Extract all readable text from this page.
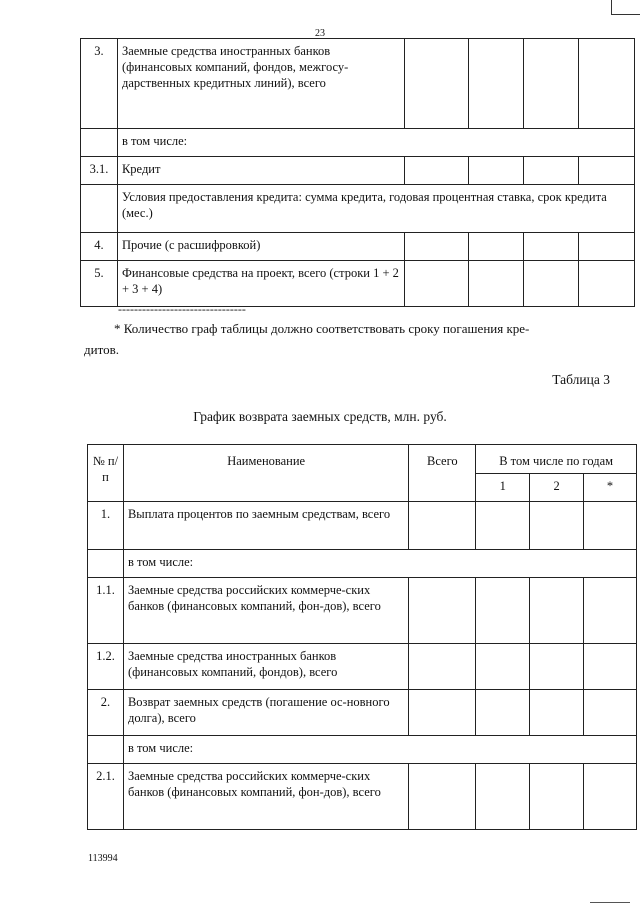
23
3.	Заемные средства иностранных банков (финансовых компаний, фондов, межгосу-дарственных кредитных линий), всего				
	в том числе:				
3.1.	Кредит				
	Условия предоставления кредита: сумма кредита, годовая процентная ставка, срок кредита (мес.)				
4.	Прочие (с расшифровкой)				
5.	Финансовые средства на проект, всего (строки 1 + 2 + 3 + 4)				
--------------------------------
* Количество граф таблицы должно соответствовать сроку погашения кре-
дитов.
Таблица 3
График возврата заемных средств, млн. руб.
№ п/п	Наименование	Всего	В том числе по годам		
			1	2	*
1.	Выплата процентов по заемным средствам, всего				
	в том числе:				
1.1.	Заемные средства российских коммерче-ских банков (финансовых компаний, фон-дов), всего				
1.2.	Заемные средства иностранных банков (финансовых компаний, фондов), всего				
2.	Возврат заемных средств (погашение ос-новного долга), всего				
	в том числе:				
2.1.	Заемные средства российских коммерче-ских банков (финансовых компаний, фон-дов), всего				
113994
